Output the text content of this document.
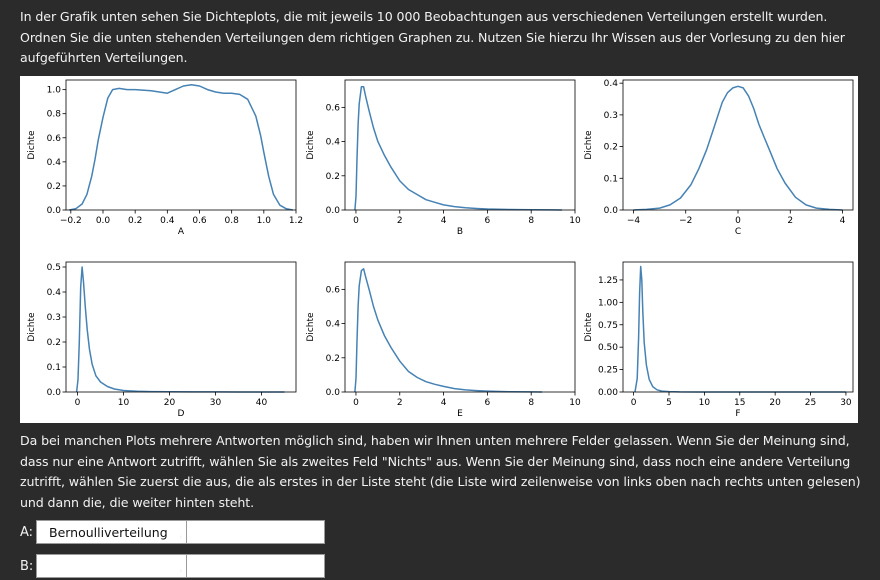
In der Grafik unten sehen Sie Dichteplots, die mit jeweils 10 000 Beobachtungen aus verschiedenen Verteilungen erstellt wurden. Ordnen Sie die unten stehenden Verteilungen dem richtigen Graphen zu. Nutzen Sie hierzu Ihr Wissen aus der Vorlesung zu den hier aufgeführten Verteilungen.

−0.2 0.0 0.2 0.4 0.6 0.8 1.0 1.2
0.0
0.2
0.4
0.6
0.8
1.0
A
Dichte
0	2	4	6	8	10
0.0
0.2
0.4
0.6
B
Dichte
−4	−2	0	2	4
0.0
0.1
0.2
0.3
0.4
C
Dichte
0	10	20	30	40
0.0
0.1
0.2
0.3
0.4
0.5
D
Dichte
0	2	4	6	8	10
0.0
0.2
0.4
0.6
E
Dichte
0	5	10	15	20	25	30
0.00
0.25
0.50
0.75
1.00
1.25
F
Dichte

Da bei manchen Plots mehrere Antworten möglich sind, haben wir Ihnen unten mehrere Felder gelassen. Wenn Sie der Meinung sind, dass nur eine Antwort zutrifft, wählen Sie als zweites Feld "Nichts" aus. Wenn Sie der Meinung sind, dass noch eine andere Verteilung zutrifft, wählen Sie zuerst die aus, die als erstes in der Liste steht (die Liste wird zeilenweise von links oben nach rechts unten gelesen) und dann die, die weiter hinten steht.

A:	Bernoulliverteilung ,
B:	,
